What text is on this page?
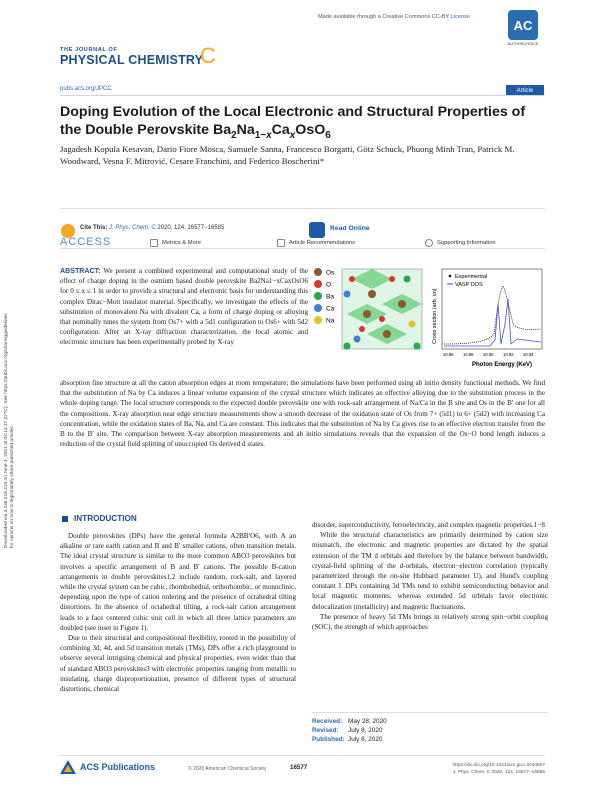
Made available through a Creative Commons CC-BY License
AC
AUTHORCHOICE
THE JOURNAL OF
PHYSICAL CHEMISTRY
C
pubs.acs.org/JPCC	Article
Doping Evolution of the Local Electronic and Structural Properties of the Double Perovskite $Ba_2Na_{1-x}Ca_xOsO_6$
Jagadesh Kopula Kesavan, Dario Fiore Mosca, Samuele Sanna, Francesco Borgatti, Götz Schuck, Phuong Minh Tran, Patrick M. Woodward, Vesna F. Mitrović, Cesare Franchini, and Federico Boscherini*
Cite This: J. Phys. Chem. C 2020, 124, 16577−16585	Read Online
ACCESS	Metrics & More	Article Recommendations	Supporting Information
ABSTRACT: We present a combined experimental and computational study of the effect of charge doping in the osmium based double perovskite Ba2Na1−xCaxOsO6 for 0 ≤ x ≤ 1 in order to provide a structural and electronic basis for understanding this complex Dirac−Mott insulator material. Specifically, we investigate the effects of the substitution of monovalent Na with divalent Ca, a form of charge doping or alloying that nominally tunes the system from Os7+ with a 5d1 configuration to Os6+ with 5d2 configuration. After an X-ray diffraction characterization, the local atomic and electronic structure has been experimentally probed by X-ray
Os
O
Ba
Ca
Na	Cross section (arb. un)
Experimental
VASP DOS
10.86 10.88 10.90 10.92 10.94
Photon Energy (KeV)
absorption fine structure at all the cation absorption edges at room temperature; the simulations have been performed using ab initio density functional methods. We find that the substitution of Na by Ca induces a linear volume expansion of the crystal structure which indicates an effective alloying due to the substitution process in the whole doping range. The local structure corresponds to the expected double perovskite one with rock-salt arrangement of Na/Ca in the B site and Os in the B′ one for all the compositions. X-ray absorption near edge structure measurements show a smooth decrease of the oxidation state of Os from 7+ (5d1) to 6+ (5d2) with increasing Ca concentration, while the oxidation states of Ba, Na, and Ca are constant. This indicates that the substitution of Na by Ca gives rise to an effective electron transfer from the B to the B′ site. The comparison between X-ray absorption measurements and ab initio simulations reveals that the expansion of the Os−O bond length induces a reduction of the crystal field splitting of unoccupied Os derived d states.
INTRODUCTION

Double perovskites (DPs) have the general formula A2BB′O6, with A an alkaline or rare earth cation and B and B′ smaller cations, often transition metals. The ideal crystal structure is similar to the more common ABO3 perovskites but involves a specific arrangement of B and B′ cations. The possible B-cation arrangements in double perovskites1,2 include random, rock-salt, and layered while the crystal system can be cubic, rhombohedral, orthorhombic, or monoclinic, depending upon the type of cation ordering and the presence of octahedral tilting distortions. In the absence of octahedral tilting, a rock-salt cation arrangement leads to a face centered cubic unit cell in which all three lattice parameters are doubled (see inset in Figure 1).

Due to their structural and compositional flexibility, rooted in the possibility of combining 3d, 4d, and 5d transition metals (TMs), DPs offer a rich playground to observe several intriguing chemical and physical properties, even wider than that of standard ABO3 perovskites3 with electronic properties ranging from metallic to insulating, charge disproportionation, presence of different types of structural distortions, chemical

disorder, superconductivity, ferroelectricity, and complex magnetic properties.1−8

While the structural characteristics are primarily determined by cation size mismatch, the electronic and magnetic properties are dictated by the spatial extension of the TM d orbitals and therefore by the balance between bandwidth, crystal-field splitting of the d-orbitals, electron−electron correlation (typically parametrized through the on-site Hubbard parameter U), and Hund's coupling constant J. DPs containing 3d TMs tend to exhibit semiconducting behavior and local magnetic moments, whereas extended 5d orbitals favor electronic delocalization (metallicity) and magnetic fluctuations.

The presence of heavy 5d TMs brings in relatively strong spin−orbit coupling (SOC), the strength of which approaches

Received: May 28, 2020
Revised: July 8, 2020
Published: July 8, 2020
ACS Publications	© 2020 American Chemical Society	16577	https://dx.doi.org/10.1021/acs.jpcc.0c04807
J. Phys. Chem. C 2020, 124, 16577−16585
Downloaded via 3.236.218.219 on June 4, 2021 at 04:14:17 (UTC). See https://pubs.acs.org/sharingguidelines for options on how to legitimately share published articles.
